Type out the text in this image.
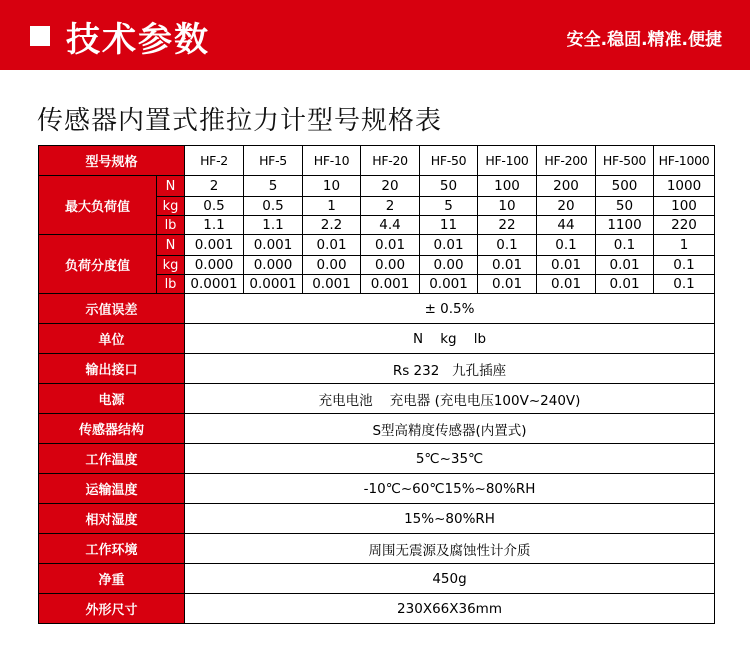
技术参数	安全.稳固.精准.便捷
传感器内置式推拉力计型号规格表
型号规格		HF-2	HF-5	HF-10	HF-20	HF-50	HF-100	HF-200	HF-500	HF-1000
最大负荷值	N	2	5	10	20	50	100	200	500	1000
	kg	0.5	0.5	1	2	5	10	20	50	100
	lb	1.1	1.1	2.2	4.4	11	22	44	1100	220
负荷分度值	N	0.001	0.001	0.01	0.01	0.01	0.1	0.1	0.1	1
	kg	0.000	0.000	0.00	0.00	0.00	0.01	0.01	0.01	0.1
	lb	0.0001	0.0001	0.001	0.001	0.001	0.01	0.01	0.01	0.1
示值误差		± 0.5%								
单位		N    kg    lb								
输出接口		Rs 232   九孔插座								
电源		充电电池    充电器 (充电电压100V~240V)								
传感器结构		S型高精度传感器(内置式)								
工作温度		5℃~35℃								
运输温度		-10℃~60℃15%~80%RH								
相对湿度		15%~80%RH								
工作环境		周围无震源及腐蚀性计介质								
净重		450g								
外形尺寸		230X66X36mm								
